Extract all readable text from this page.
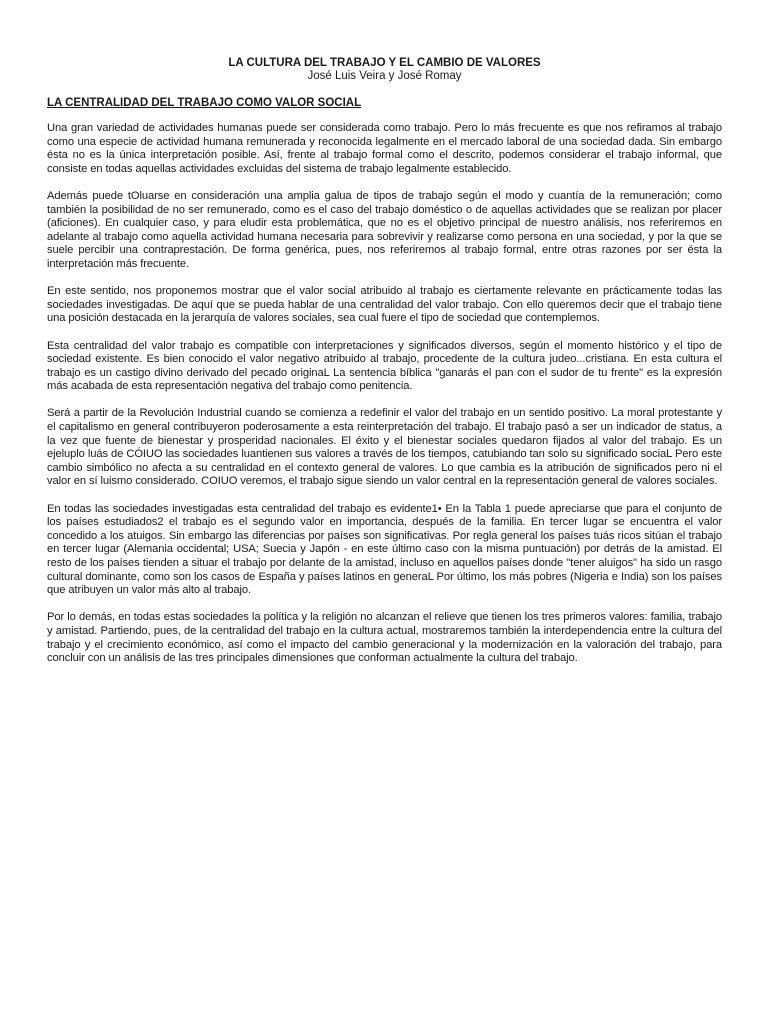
LA CULTURA DEL TRABAJO Y EL CAMBIO DE VALORES

José Luis Veira y José Romay

LA CENTRALIDAD DEL TRABAJO COMO VALOR SOCIAL

Una gran variedad de actividades humanas puede ser considerada como trabajo. Pero lo más frecuente es que nos refiramos al trabajo como una especie de actividad humana remunerada y reconocida legalmente en el mercado laboral de una sociedad dada. Sin embargo ésta no es la única interpretación posible. Así, frente al trabajo formal como el descrito, podemos considerar el trabajo informal, que consiste en todas aquellas actividades excluidas del sistema de trabajo legalmente establecido.

Además puede tOluarse en consideración una amplia galua de tipos de trabajo según el modo y cuantía de la remuneración; como también la posibilidad de no ser remunerado, como es el caso del trabajo doméstico o de aquellas actividades que se realizan por placer (aficiones). En cualquier caso, y para eludir esta problemática, que no es el objetivo principal de nuestro análisis, nos referiremos en adelante al trabajo como aquella actividad humana necesaria para sobrevivir y realizarse como persona en una sociedad, y por la que se suele percibir una contraprestación. De forma genérica, pues, nos referiremos al trabajo formal, entre otras razones por ser ésta la interpretación más frecuente.

En este sentido, nos proponemos mostrar que el valor social atribuido al trabajo es ciertamente relevante en prácticamente todas las sociedades investigadas. De aquí que se pueda hablar de una centralidad del valor trabajo. Con ello queremos decir que el trabajo tiene una posición destacada en la jerarquía de valores sociales, sea cual fuere el tipo de sociedad que contemplemos.

Esta centralidad del valor trabajo es compatible con interpretaciones y significados diversos, según el momento histórico y el tipo de sociedad existente. Es bien conocido el valor negativo atribuido al trabajo, procedente de la cultura judeo...cristiana. En esta cultura el trabajo es un castigo divino derivado del pecado originaL La sentencia bíblica "ganarás el pan con el sudor de tu frente" es la expresión más acabada de esta representación negativa del trabajo como penitencia.

Será a partir de la Revolución Industrial cuando se comienza a redefinir el valor del trabajo en un sentido positivo. La moral protestante y el capitalismo en general contribuyeron poderosamente a esta reinterpretación del trabajo. El trabajo pasó a ser un indicador de status, a la vez que fuente de bienestar y prosperidad nacionales. El éxito y el bienestar sociales quedaron fijados al valor del trabajo. Es un ejeluplo luás de CÓIUO las sociedades luantienen sus valores a través de los tiempos, catubiando tan solo su significado sociaL Pero este cambio simbólico no afecta a su centralidad en el contexto general de valores. Lo que cambia es la atribución de significados pero ni el valor en sí luismo considerado. COIUO veremos, el trabajo sigue siendo un valor central en la representación general de valores sociales.

En todas las sociedades investigadas esta centralidad del trabajo es evidente1• En la Tabla 1 puede apreciarse que para el conjunto de los países estudiados2 el trabajo es el segundo valor en importancia, después de la familia. En tercer lugar se encuentra el valor concedido a los atuigos. Sin embargo las diferencias por países son significativas. Por regla general los países tuás ricos sitúan el trabajo en tercer lugar (Alemania occidental; USA; Suecia y Japón - en este último caso con la misma puntuación) por detrás de la amistad. El resto de los países tienden a situar el trabajo por delante de la amistad, incluso en aquellos países donde "tener aluigos" ha sido un rasgo cultural dominante, como son los casos de España y países latinos en generaL Por último, los más pobres (Nigeria e India) son los países que atribuyen un valor más alto al trabajo.

Por lo demás, en todas estas sociedades la política y la religión no alcanzan el relieve que tienen los tres primeros valores: familia, trabajo y amistad. Partiendo, pues, de la centralidad del trabajo en la cultura actual, mostraremos también la interdependencia entre la cultura del trabajo y el crecimiento económico, así como el impacto del cambio generacional y la modernización en la valoración del trabajo, para concluir con un análisis de las tres principales dimensiones que conforman actualmente la cultura del trabajo.
